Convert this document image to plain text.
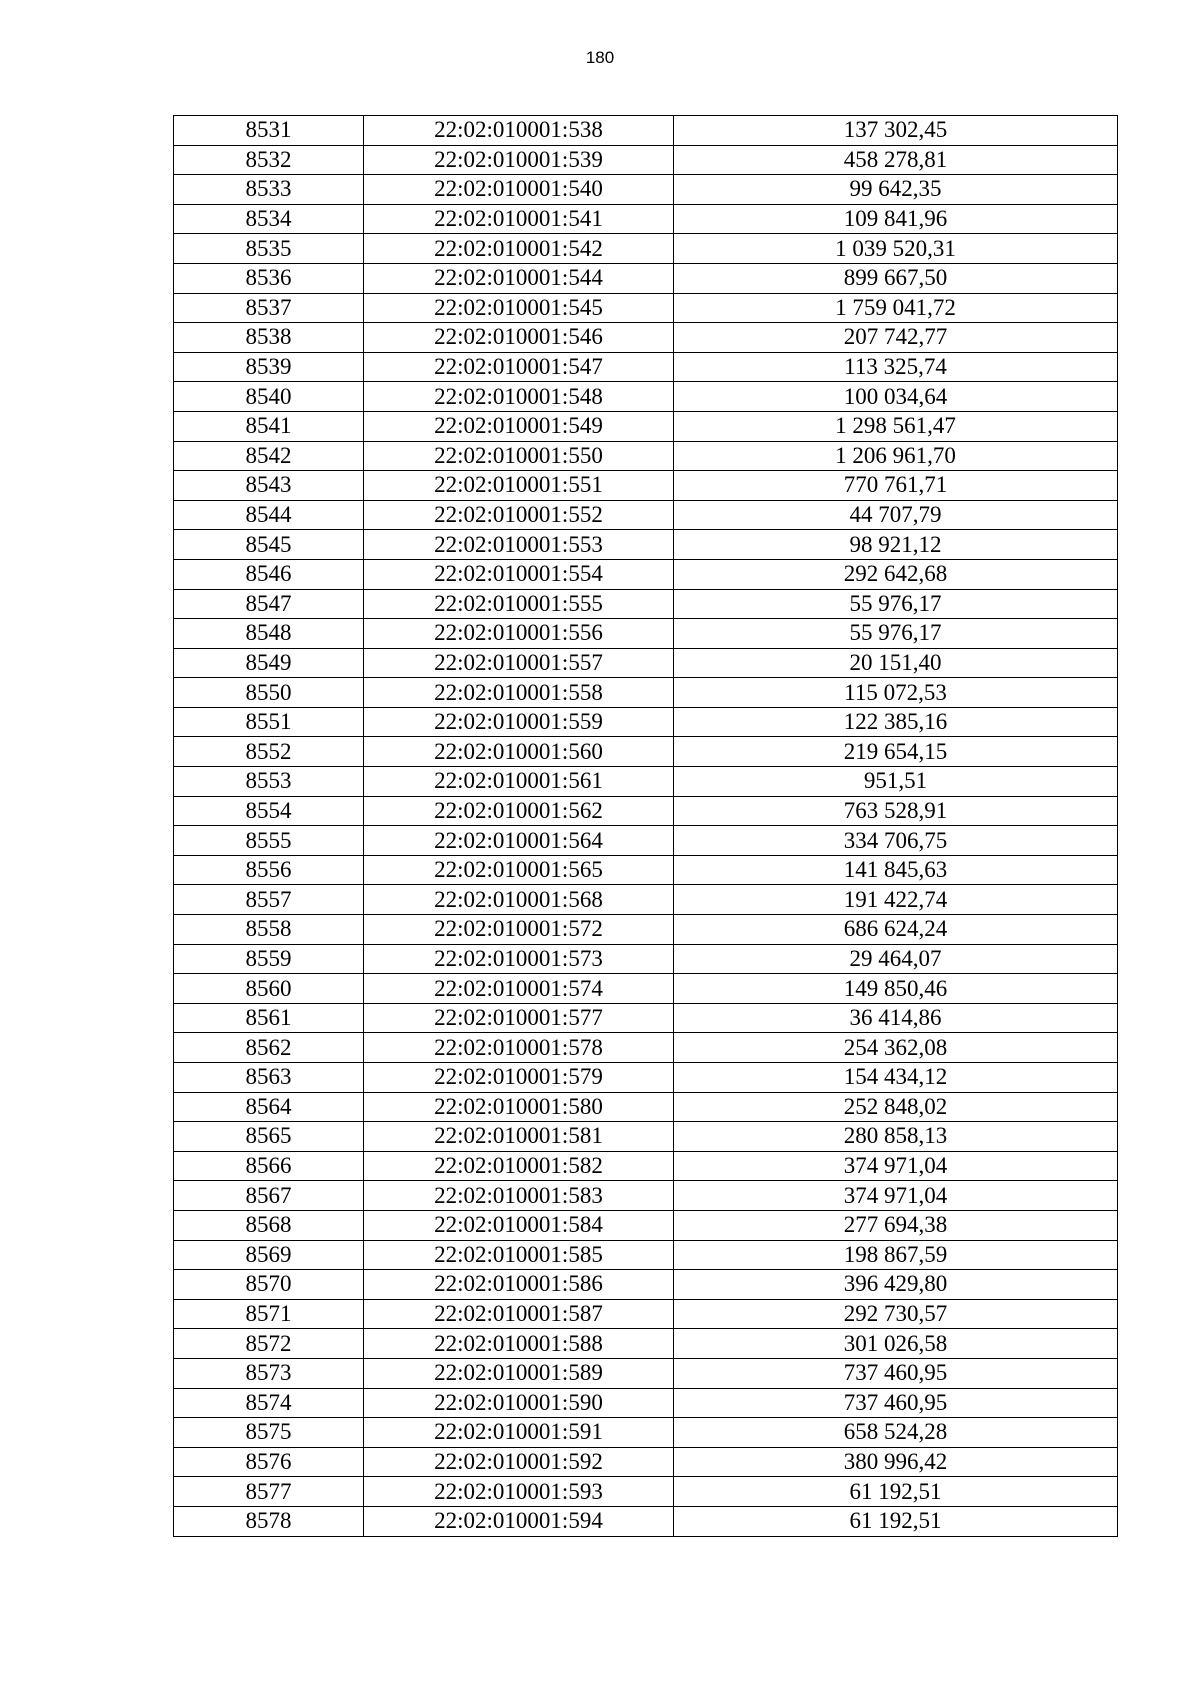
180
8531	22:02:010001:538	137 302,45
8532	22:02:010001:539	458 278,81
8533	22:02:010001:540	99 642,35
8534	22:02:010001:541	109 841,96
8535	22:02:010001:542	1 039 520,31
8536	22:02:010001:544	899 667,50
8537	22:02:010001:545	1 759 041,72
8538	22:02:010001:546	207 742,77
8539	22:02:010001:547	113 325,74
8540	22:02:010001:548	100 034,64
8541	22:02:010001:549	1 298 561,47
8542	22:02:010001:550	1 206 961,70
8543	22:02:010001:551	770 761,71
8544	22:02:010001:552	44 707,79
8545	22:02:010001:553	98 921,12
8546	22:02:010001:554	292 642,68
8547	22:02:010001:555	55 976,17
8548	22:02:010001:556	55 976,17
8549	22:02:010001:557	20 151,40
8550	22:02:010001:558	115 072,53
8551	22:02:010001:559	122 385,16
8552	22:02:010001:560	219 654,15
8553	22:02:010001:561	951,51
8554	22:02:010001:562	763 528,91
8555	22:02:010001:564	334 706,75
8556	22:02:010001:565	141 845,63
8557	22:02:010001:568	191 422,74
8558	22:02:010001:572	686 624,24
8559	22:02:010001:573	29 464,07
8560	22:02:010001:574	149 850,46
8561	22:02:010001:577	36 414,86
8562	22:02:010001:578	254 362,08
8563	22:02:010001:579	154 434,12
8564	22:02:010001:580	252 848,02
8565	22:02:010001:581	280 858,13
8566	22:02:010001:582	374 971,04
8567	22:02:010001:583	374 971,04
8568	22:02:010001:584	277 694,38
8569	22:02:010001:585	198 867,59
8570	22:02:010001:586	396 429,80
8571	22:02:010001:587	292 730,57
8572	22:02:010001:588	301 026,58
8573	22:02:010001:589	737 460,95
8574	22:02:010001:590	737 460,95
8575	22:02:010001:591	658 524,28
8576	22:02:010001:592	380 996,42
8577	22:02:010001:593	61 192,51
8578	22:02:010001:594	61 192,51
